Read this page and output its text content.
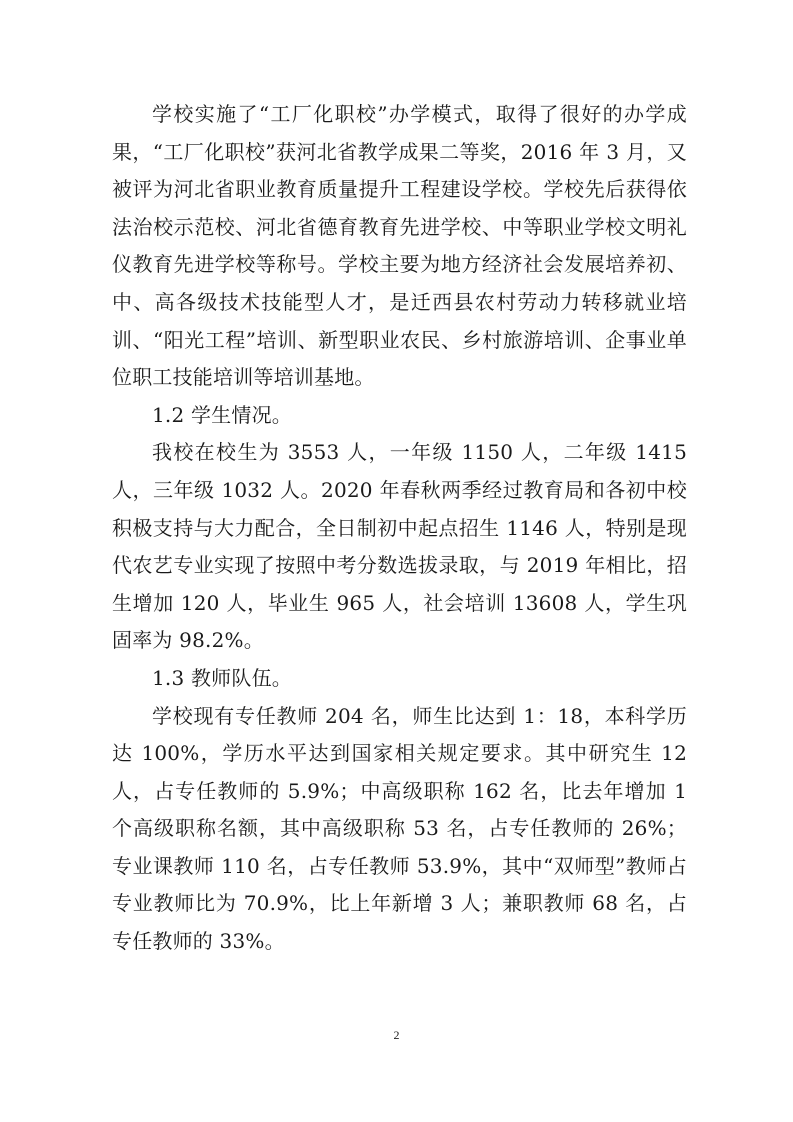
学校实施了“工厂化职校”办学模式，取得了很好的办学成果，“工厂化职校”获河北省教学成果二等奖，2016 年 3 月，又被评为河北省职业教育质量提升工程建设学校。学校先后获得依法治校示范校、河北省德育教育先进学校、中等职业学校文明礼仪教育先进学校等称号。学校主要为地方经济社会发展培养初、中、高各级技术技能型人才，是迁西县农村劳动力转移就业培训、“阳光工程”培训、新型职业农民、乡村旅游培训、企事业单位职工技能培训等培训基地。

1.2 学生情况。

我校在校生为 3553 人，一年级 1150 人，二年级 1415 人，三年级 1032 人。2020 年春秋两季经过教育局和各初中校积极支持与大力配合，全日制初中起点招生 1146 人，特别是现代农艺专业实现了按照中考分数选拔录取，与 2019 年相比，招生增加 120 人，毕业生 965 人，社会培训 13608 人，学生巩固率为 98.2%。

1.3 教师队伍。

学校现有专任教师 204 名，师生比达到 1：18，本科学历达 100%，学历水平达到国家相关规定要求。其中研究生 12 人，占专任教师的 5.9%；中高级职称 162 名，比去年增加 1 个高级职称名额，其中高级职称 53 名，占专任教师的 26%；专业课教师 110 名，占专任教师 53.9%，其中“双师型”教师占专业教师比为 70.9%，比上年新增 3 人；兼职教师 68 名，占专任教师的 33%。

2
